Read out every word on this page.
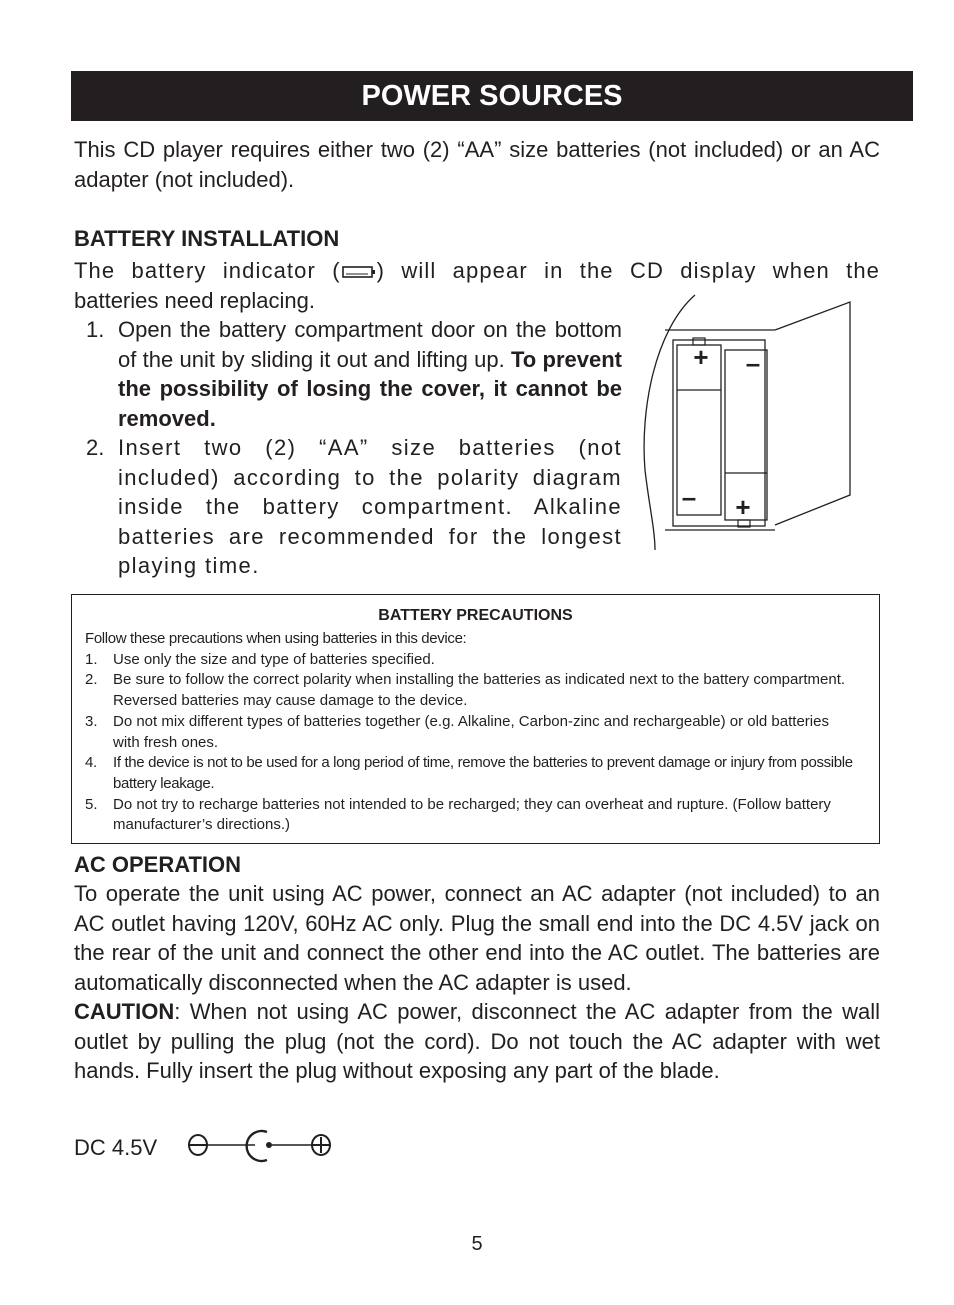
POWER SOURCES
This CD player requires either two (2) “AA” size batteries (not included) or an AC adapter (not included).
BATTERY INSTALLATION
The battery indicator ( ) will appear in the CD display when the
batteries need replacing.
1. Open the battery compartment door on the bottom of the unit by sliding it out and lifting up. To prevent the possibility of losing the cover, it cannot be removed.
2. Insert two (2) “AA” size batteries (not included) according to the polarity diagram inside the battery compartment. Alkaline batteries are recommended for the longest playing time.
+ –
– +
BATTERY PRECAUTIONS
Follow these precautions when using batteries in this device:
1. Use only the size and type of batteries specified.
2. Be sure to follow the correct polarity when installing the batteries as indicated next to the battery compartment. Reversed batteries may cause damage to the device.
3. Do not mix different types of batteries together (e.g. Alkaline, Carbon-zinc and rechargeable) or old batteries with fresh ones.
4. If the device is not to be used for a long period of time, remove the batteries to prevent damage or injury from possible battery leakage.
5. Do not try to recharge batteries not intended to be recharged; they can overheat and rupture. (Follow battery manufacturer’s directions.)
AC OPERATION
To operate the unit using AC power, connect an AC adapter (not included) to an AC outlet having 120V, 60Hz AC only. Plug the small end into the DC 4.5V jack on the rear of the unit and connect the other end into the AC outlet. The batteries are automatically disconnected when the AC adapter is used.
CAUTION: When not using AC power, disconnect the AC adapter from the wall outlet by pulling the plug (not the cord). Do not touch the AC adapter with wet hands. Fully insert the plug without exposing any part of the blade.
DC 4.5V
5
